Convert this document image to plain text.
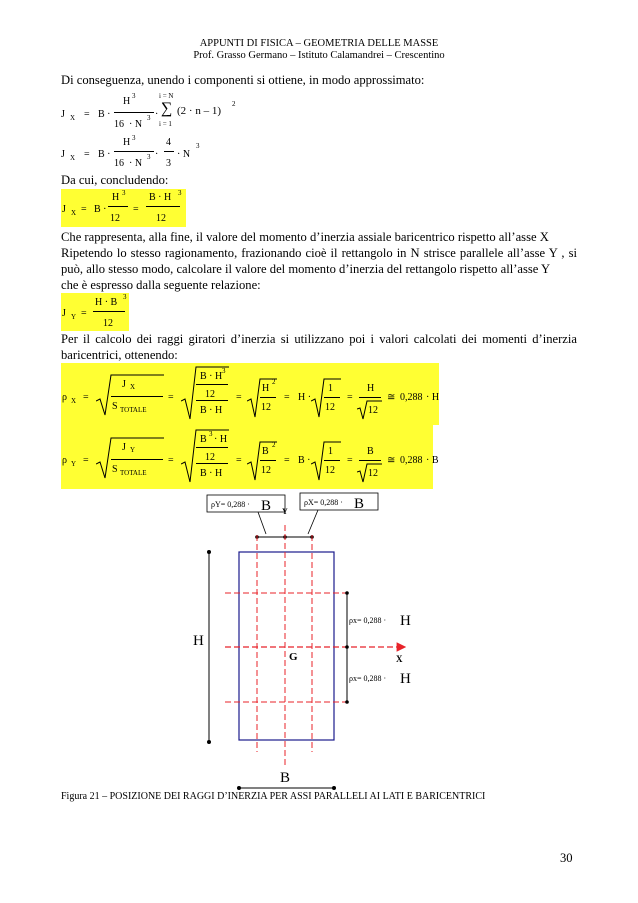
APPUNTI DI FISICA – GEOMETRIA DELLE MASSE
Prof. Grasso Germano – Istituto Calamandrei – Crescentino
Di conseguenza, unendo i componenti si ottiene, in modo approssimato:
J X = B ·
H 3
16 · N
3 ·
i = N
∑
i = 1
(2 · n – 1)
2
J X = B ·
H 3
16 · N
3 ·
4
3
· N
3
Da cui, concludendo:
J X = B ·
H 3
12
=
B · H 3
12
Che rappresenta, alla fine, il valore del momento d’inerzia assiale baricentrico rispetto all’asse X
Ripetendo lo stesso ragionamento, frazionando cioè il rettangolo in N strisce parallele all’asse Y , si
può, allo stesso modo, calcolare il valore del momento d’inerzia del rettangolo rispetto all’asse Y
che è espresso dalla seguente relazione:
J Y =
H · B 3
12
Per il calcolo dei raggi giratori d’inerzia si utilizzano poi i valori calcolati dei momenti d’inerzia
baricentrici, ottenendo:
ρ X =
J X
S TOTALE
=
B · H 3
12
B · H
=
H
2
12
= H ·
1
12
=
H
12
≅ 0,288 · H
ρ Y =
J Y
S TOTALE
=
B 3 · H
12
B · H
=
B
2
12
= B ·
1
12
=
B
12
≅ 0,288 · B
ρY= 0,288 · B	ρX= 0,288 · B
Y
G	X
ρx= 0,288 · H
ρx= 0,288 · H
H
B
Figura 21 – POSIZIONE DEI RAGGI D’INERZIA PER ASSI PARALLELI AI LATI E BARICENTRICI
30
